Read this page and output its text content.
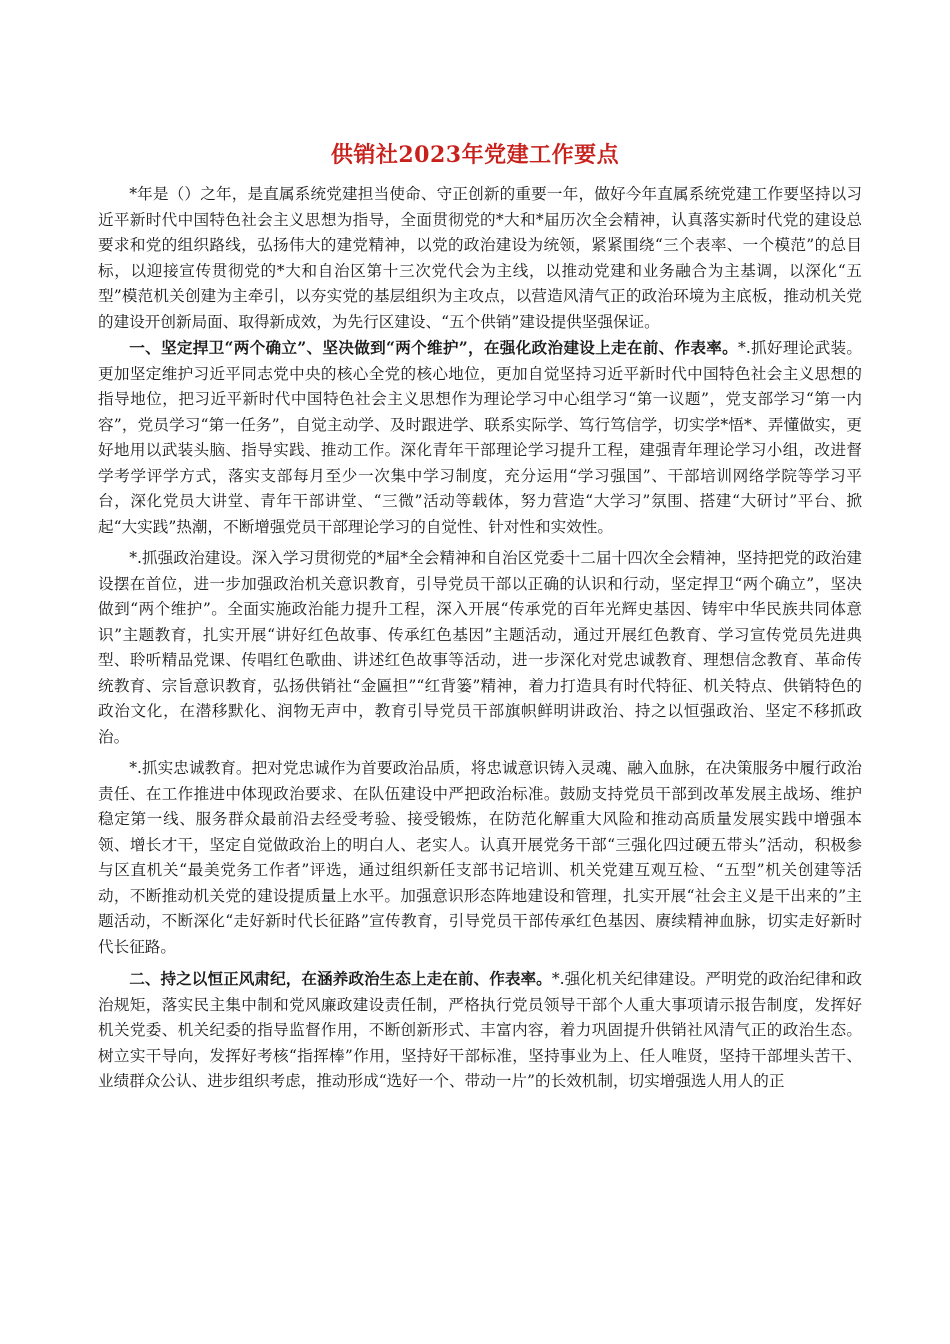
供销社2023年党建工作要点

*年是（）之年，是直属系统党建担当使命、守正创新的重要一年，做好今年直属系统党建工作要坚持以习近平新时代中国特色社会主义思想为指导，全面贯彻党的*大和*届历次全会精神，认真落实新时代党的建设总要求和党的组织路线，弘扬伟大的建党精神，以党的政治建设为统领，紧紧围绕“三个表率、一个模范”的总目标，以迎接宣传贯彻党的*大和自治区第十三次党代会为主线，以推动党建和业务融合为主基调，以深化“五型”模范机关创建为主牵引，以夯实党的基层组织为主攻点，以营造风清气正的政治环境为主底板，推动机关党的建设开创新局面、取得新成效，为先行区建设、“五个供销”建设提供坚强保证。

一、坚定捍卫“两个确立”、坚决做到“两个维护”，在强化政治建设上走在前、作表率。*.抓好理论武装。更加坚定维护习近平同志党中央的核心全党的核心地位，更加自觉坚持习近平新时代中国特色社会主义思想的指导地位，把习近平新时代中国特色社会主义思想作为理论学习中心组学习“第一议题”，党支部学习“第一内容”，党员学习“第一任务”，自觉主动学、及时跟进学、联系实际学、笃行笃信学，切实学*悟*、弄懂做实，更好地用以武装头脑、指导实践、推动工作。深化青年干部理论学习提升工程，建强青年理论学习小组，改进督学考学评学方式，落实支部每月至少一次集中学习制度，充分运用“学习强国”、干部培训网络学院等学习平台，深化党员大讲堂、青年干部讲堂、“三微”活动等载体，努力营造“大学习”氛围、搭建“大研讨”平台、掀起“大实践”热潮，不断增强党员干部理论学习的自觉性、针对性和实效性。

*.抓强政治建设。深入学习贯彻党的*届*全会精神和自治区党委十二届十四次全会精神，坚持把党的政治建设摆在首位，进一步加强政治机关意识教育，引导党员干部以正确的认识和行动，坚定捍卫“两个确立”，坚决做到“两个维护”。全面实施政治能力提升工程，深入开展“传承党的百年光辉史基因、铸牢中华民族共同体意识”主题教育，扎实开展“讲好红色故事、传承红色基因”主题活动，通过开展红色教育、学习宣传党员先进典型、聆听精品党课、传唱红色歌曲、讲述红色故事等活动，进一步深化对党忠诚教育、理想信念教育、革命传统教育、宗旨意识教育，弘扬供销社“金匾担”“红背篓”精神，着力打造具有时代特征、机关特点、供销特色的政治文化，在潜移默化、润物无声中，教育引导党员干部旗帜鲜明讲政治、持之以恒强政治、坚定不移抓政治。

*.抓实忠诚教育。把对党忠诚作为首要政治品质，将忠诚意识铸入灵魂、融入血脉，在决策服务中履行政治责任、在工作推进中体现政治要求、在队伍建设中严把政治标准。鼓励支持党员干部到改革发展主战场、维护稳定第一线、服务群众最前沿去经受考验、接受锻炼，在防范化解重大风险和推动高质量发展实践中增强本领、增长才干，坚定自觉做政治上的明白人、老实人。认真开展党务干部“三强化四过硬五带头”活动，积极参与区直机关“最美党务工作者”评选，通过组织新任支部书记培训、机关党建互观互检、“五型”机关创建等活动，不断推动机关党的建设提质量上水平。加强意识形态阵地建设和管理，扎实开展“社会主义是干出来的”主题活动，不断深化“走好新时代长征路”宣传教育，引导党员干部传承红色基因、赓续精神血脉，切实走好新时代长征路。

二、持之以恒正风肃纪，在涵养政治生态上走在前、作表率。*.强化机关纪律建设。严明党的政治纪律和政治规矩，落实民主集中制和党风廉政建设责任制，严格执行党员领导干部个人重大事项请示报告制度，发挥好机关党委、机关纪委的指导监督作用，不断创新形式、丰富内容，着力巩固提升供销社风清气正的政治生态。树立实干导向，发挥好考核“指挥棒”作用，坚持好干部标准，坚持事业为上、任人唯贤，坚持干部埋头苦干、业绩群众公认、进步组织考虑，推动形成“选好一个、带动一片”的长效机制，切实增强选人用人的正
